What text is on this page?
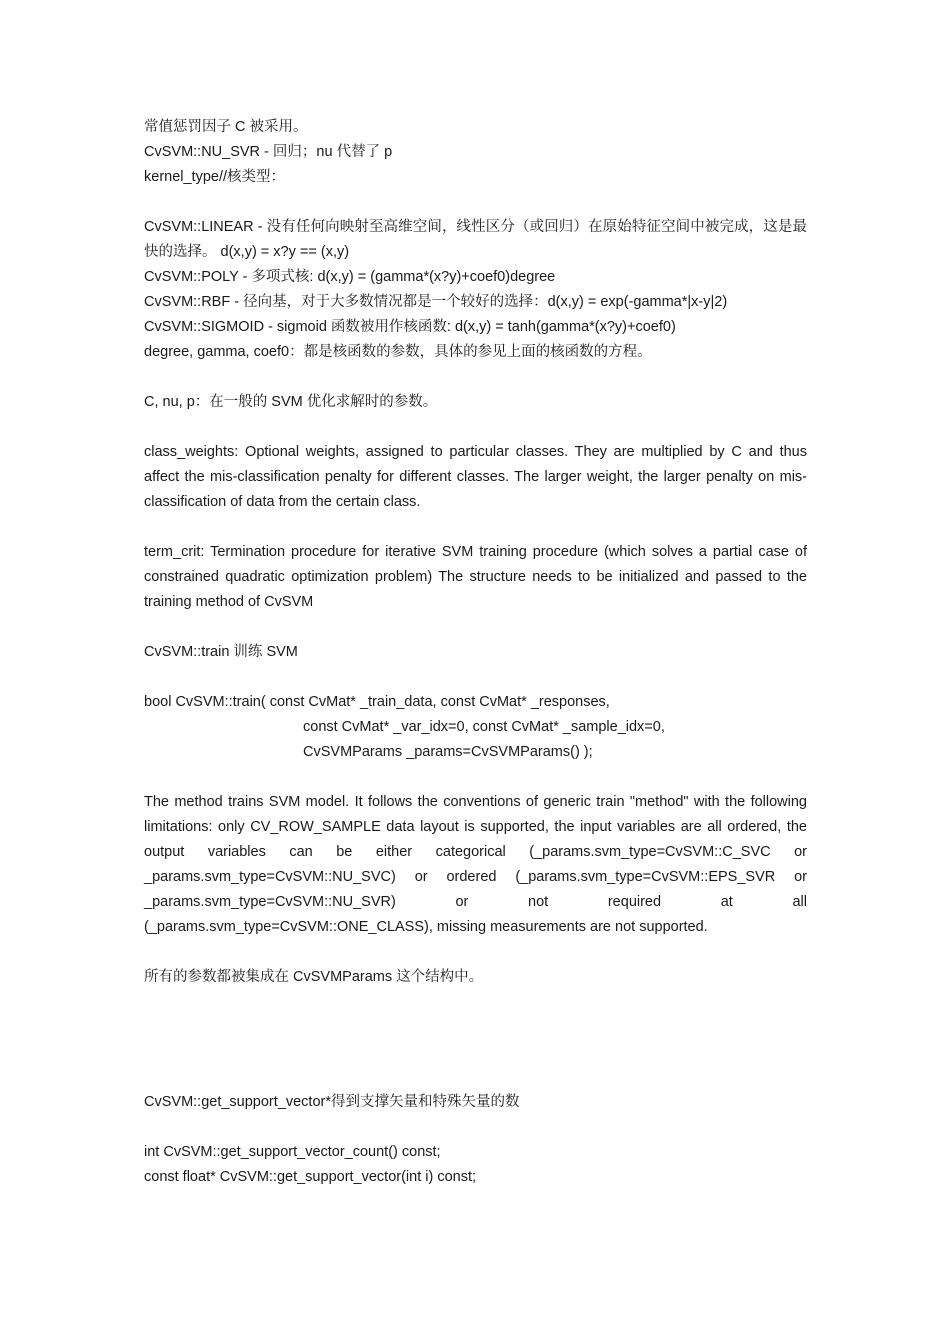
常值惩罚因子 C 被采用。
CvSVM::NU_SVR - 回归；nu 代替了 p
kernel_type//核类型：
CvSVM::LINEAR - 没有任何向映射至高维空间，线性区分（或回归）在原始特征空间中被完成，这是最快的选择。 d(x,y) = x?y == (x,y)
CvSVM::POLY - 多项式核: d(x,y) = (gamma*(x?y)+coef0)degree
CvSVM::RBF - 径向基，对于大多数情况都是一个较好的选择：d(x,y) = exp(-gamma*|x-y|2)
CvSVM::SIGMOID - sigmoid 函数被用作核函数: d(x,y) = tanh(gamma*(x?y)+coef0)
degree, gamma, coef0：都是核函数的参数，具体的参见上面的核函数的方程。
C, nu, p：在一般的 SVM 优化求解时的参数。
class_weights: Optional weights, assigned to particular classes. They are multiplied by C and thus affect the mis-classification penalty for different classes. The larger weight, the larger penalty on mis-classification of data from the certain class.
term_crit: Termination procedure for iterative SVM training procedure (which solves a partial case of constrained quadratic optimization problem) The structure needs to be initialized and passed to the training method of CvSVM
CvSVM::train 训练 SVM
bool CvSVM::train( const CvMat* _train_data, const CvMat* _responses,
const CvMat* _var_idx=0, const CvMat* _sample_idx=0,
CvSVMParams _params=CvSVMParams() );
The method trains SVM model. It follows the conventions of generic train "method" with the following limitations: only CV_ROW_SAMPLE data layout is supported, the input variables are all ordered, the output variables can be either categorical (_params.svm_type=CvSVM::C_SVC or _params.svm_type=CvSVM::NU_SVC) or ordered (_params.svm_type=CvSVM::EPS_SVR or _params.svm_type=CvSVM::NU_SVR) or not required at all (_params.svm_type=CvSVM::ONE_CLASS), missing measurements are not supported.
所有的参数都被集成在 CvSVMParams 这个结构中。
CvSVM::get_support_vector*得到支撑矢量和特殊矢量的数
int CvSVM::get_support_vector_count() const;
const float* CvSVM::get_support_vector(int i) const;
